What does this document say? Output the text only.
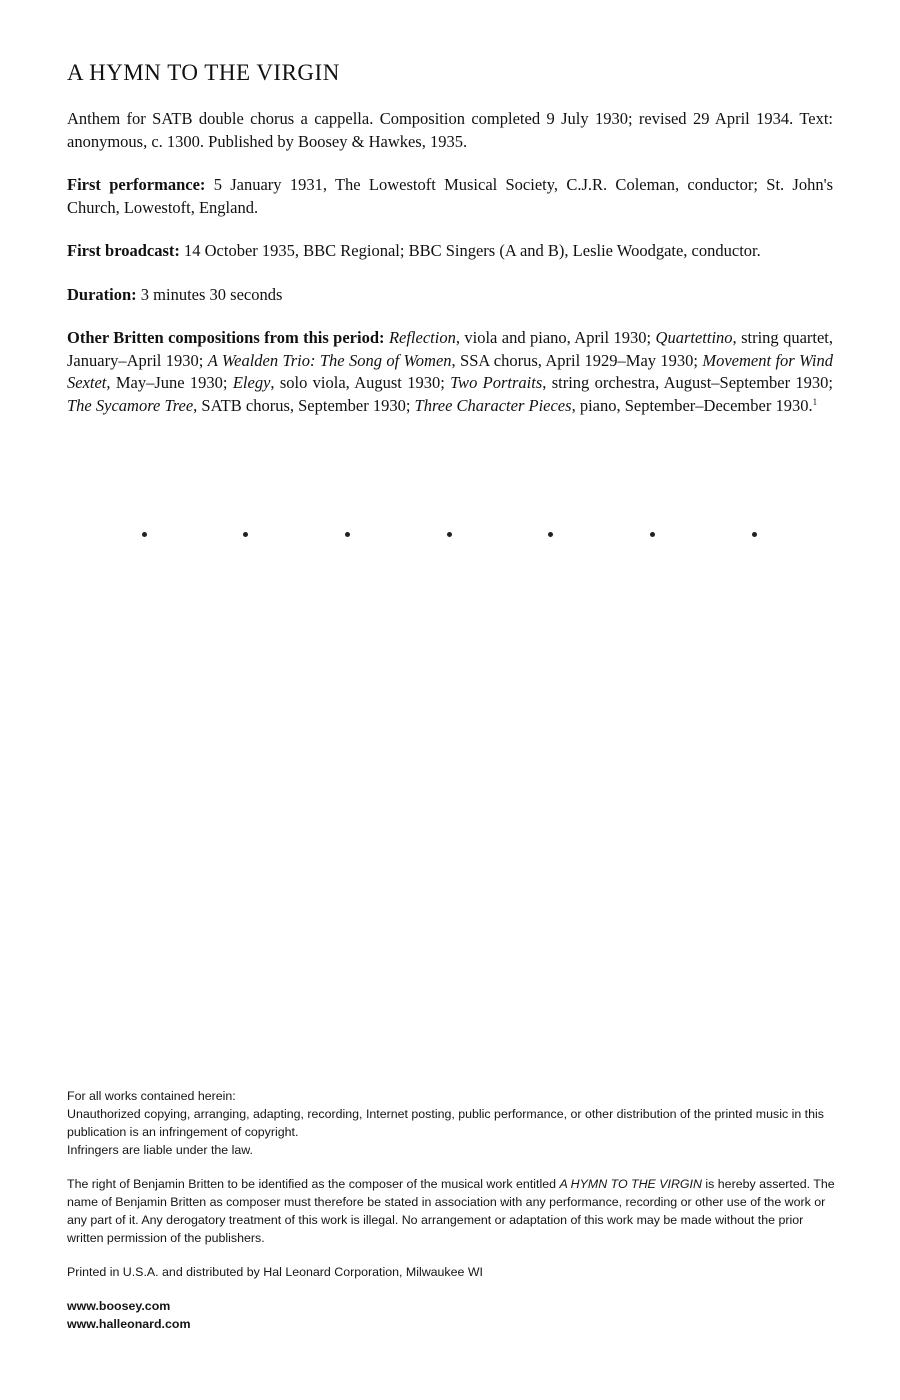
A HYMN TO THE VIRGIN

Anthem for SATB double chorus a cappella. Composition completed 9 July 1930; revised 29 April 1934. Text: anonymous, c. 1300. Published by Boosey & Hawkes, 1935.

First performance: 5 January 1931, The Lowestoft Musical Society, C.J.R. Coleman, conductor; St. John's Church, Lowestoft, England.

First broadcast: 14 October 1935, BBC Regional; BBC Singers (A and B), Leslie Woodgate, conductor.

Duration: 3 minutes 30 seconds

Other Britten compositions from this period: Reflection, viola and piano, April 1930; Quartettino, string quartet, January–April 1930; A Wealden Trio: The Song of Women, SSA chorus, April 1929–May 1930; Movement for Wind Sextet, May–June 1930; Elegy, solo viola, August 1930; Two Portraits, string orchestra, August–September 1930; The Sycamore Tree, SATB chorus, September 1930; Three Character Pieces, piano, September–December 1930.$^1$

For all works contained herein:
Unauthorized copying, arranging, adapting, recording, Internet posting, public performance, or other distribution of the printed music in this publication is an infringement of copyright.
Infringers are liable under the law.

The right of Benjamin Britten to be identified as the composer of the musical work entitled A HYMN TO THE VIRGIN is hereby asserted. The name of Benjamin Britten as composer must therefore be stated in association with any performance, recording or other use of the work or any part of it. Any derogatory treatment of this work is illegal. No arrangement or adaptation of this work may be made without the prior written permission of the publishers.

Printed in U.S.A. and distributed by Hal Leonard Corporation, Milwaukee WI

www.boosey.com
www.halleonard.com
